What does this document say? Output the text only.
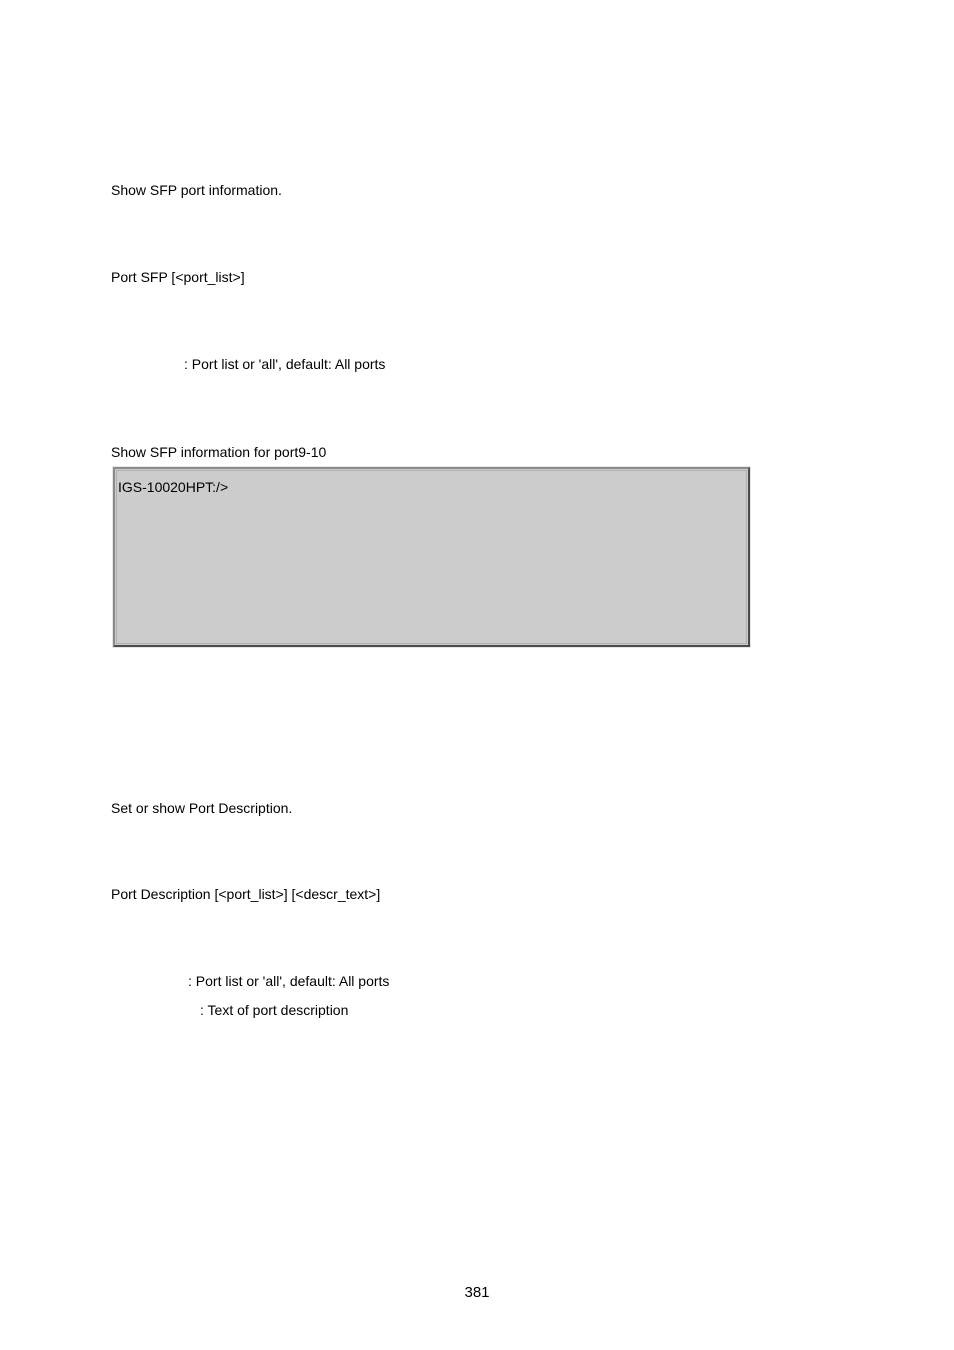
Show SFP port information.

Port SFP [<port_list>]

: Port list or 'all', default: All ports

Show SFP information for port9-10

IGS-10020HPT:/>

Set or show Port Description.

Port Description [<port_list>] [<descr_text>]

: Port list or 'all', default: All ports

: Text of port description

381
